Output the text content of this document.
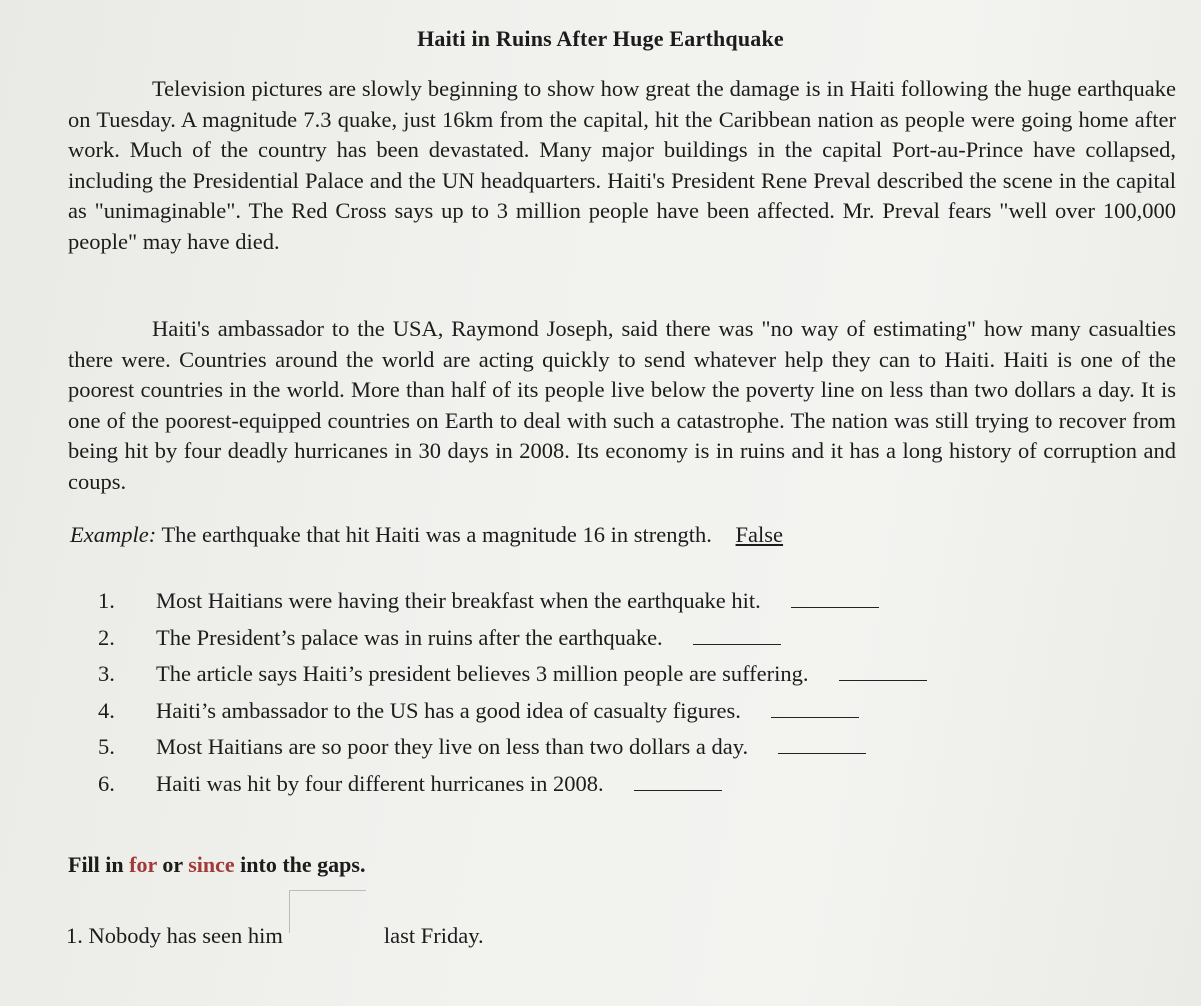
Haiti in Ruins After Huge Earthquake
Television pictures are slowly beginning to show how great the damage is in Haiti following the huge earthquake on Tuesday. A magnitude 7.3 quake, just 16km from the capital, hit the Caribbean nation as people were going home after work. Much of the country has been devastated. Many major buildings in the capital Port-au-Prince have collapsed, including the Presidential Palace and the UN headquarters. Haiti's President Rene Preval described the scene in the capital as "unimaginable". The Red Cross says up to 3 million people have been affected. Mr. Preval fears "well over 100,000 people" may have died.
Haiti's ambassador to the USA, Raymond Joseph, said there was "no way of estimating" how many casualties there were. Countries around the world are acting quickly to send whatever help they can to Haiti. Haiti is one of the poorest countries in the world. More than half of its people live below the poverty line on less than two dollars a day. It is one of the poorest-equipped countries on Earth to deal with such a catastrophe. The nation was still trying to recover from being hit by four deadly hurricanes in 30 days in 2008. Its economy is in ruins and it has a long history of corruption and coups.
Example: The earthquake that hit Haiti was a magnitude 16 in strength. False
1.	Most Haitians were having their breakfast when the earthquake hit.
2.	The President’s palace was in ruins after the earthquake.
3.	The article says Haiti’s president believes 3 million people are suffering.
4.	Haiti’s ambassador to the US has a good idea of casualty figures.
5.	Most Haitians are so poor they live on less than two dollars a day.
6.	Haiti was hit by four different hurricanes in 2008.
Fill in for or since into the gaps.
1. Nobody has seen him	last Friday.
